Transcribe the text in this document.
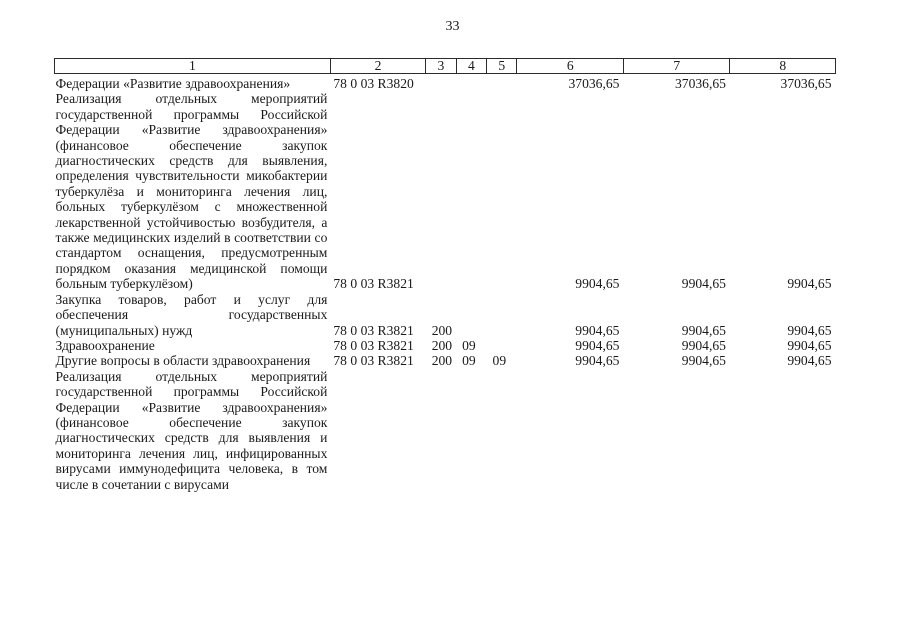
33
1	2	3	4	5	6	7	8
Федерации «Развитие здравоохранения»	78 0 03 R3820				37036,65	37036,65	37036,65
Реализация отдельных мероприятий государственной программы Российской Федерации «Развитие здравоохранения» (финансовое обеспечение закупок диагностических средств для выявления, определения чувствительности микобактерии туберкулёза и мониторинга лечения лиц, больных туберкулёзом с множественной лекарственной устойчивостью возбудителя, а также медицинских изделий в соответствии со стандартом оснащения, предусмотренным порядком оказания медицинской помощи больным туберкулёзом)	78 0 03 R3821				9904,65	9904,65	9904,65
Закупка товаров, работ и услуг для обеспечения государственных (муниципальных) нужд	78 0 03 R3821	200			9904,65	9904,65	9904,65
Здравоохранение	78 0 03 R3821	200	09		9904,65	9904,65	9904,65
Другие вопросы в области здравоохранения	78 0 03 R3821	200	09	09	9904,65	9904,65	9904,65
Реализация отдельных мероприятий государственной программы Российской Федерации «Развитие здравоохранения» (финансовое обеспечение закупок диагностических средств для выявления и мониторинга лечения лиц, инфицированных вирусами иммунодефицита человека, в том числе в сочетании с вирусами							
